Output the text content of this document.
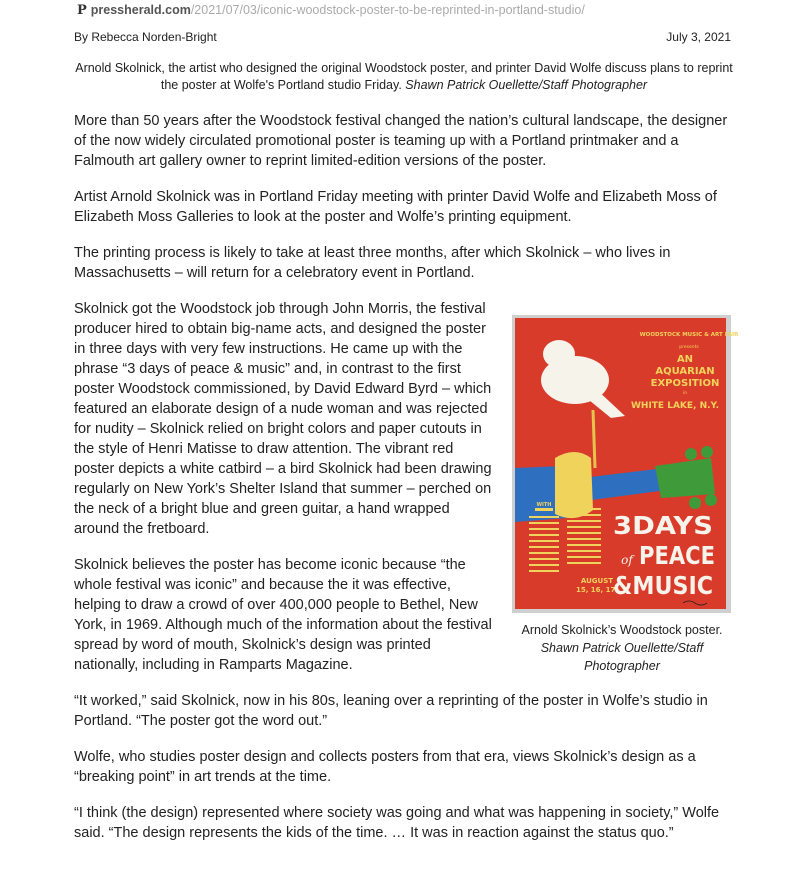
P pressherald.com/2021/07/03/iconic-woodstock-poster-to-be-reprinted-in-portland-studio/
By Rebecca Norden-Bright	July 3, 2021
Arnold Skolnick, the artist who designed the original Woodstock poster, and printer David Wolfe discuss plans to reprint the poster at Wolfe's Portland studio Friday. Shawn Patrick Ouellette/Staff Photographer
More than 50 years after the Woodstock festival changed the nation’s cultural landscape, the designer of the now widely circulated promotional poster is teaming up with a Portland printmaker and a Falmouth art gallery owner to reprint limited-edition versions of the poster.
Artist Arnold Skolnick was in Portland Friday meeting with printer David Wolfe and Elizabeth Moss of Elizabeth Moss Galleries to look at the poster and Wolfe’s printing equipment.
The printing process is likely to take at least three months, after which Skolnick – who lives in Massachusetts – will return for a celebratory event in Portland.
Skolnick got the Woodstock job through John Morris, the festival producer hired to obtain big-name acts, and designed the poster in three days with very few instructions. He came up with the phrase “3 days of peace & music” and, in contrast to the first poster Woodstock commissioned, by David Edward Byrd – which featured an elaborate design of a nude woman and was rejected for nudity – Skolnick relied on bright colors and paper cutouts in the style of Henri Matisse to draw attention. The vibrant red poster depicts a white catbird – a bird Skolnick had been drawing regularly on New York’s Shelter Island that summer – perched on the neck of a bright blue and green guitar, a hand wrapped around the fretboard.
Skolnick believes the poster has become iconic because “the whole festival was iconic” and because the it was effective, helping to draw a crowd of over 400,000 people to Bethel, New York, in 1969. Although much of the information about the festival spread by word of mouth, Skolnick’s design was printed nationally, including in Ramparts Magazine.
“It worked,” said Skolnick, now in his 80s, leaning over a reprinting of the poster in Wolfe’s studio in Portland. “The poster got the word out.”
Wolfe, who studies poster design and collects posters from that era, views Skolnick’s design as a “breaking point” in art trends at the time.
“I think (the design) represented where society was going and what was happening in society,” Wolfe said. “The design represents the kids of the time. … It was in reaction against the status quo.”
WOODSTOCK MUSIC & ART FAIR
presents
AN
AQUARIAN
EXPOSITION
in
WHITE LAKE, N.Y.
WITH
AUGUST
15, 16, 17.
3DAYS
of PEACE
&MUSIC
Arnold Skolnick’s Woodstock poster.
Shawn Patrick Ouellette/Staff Photographer
